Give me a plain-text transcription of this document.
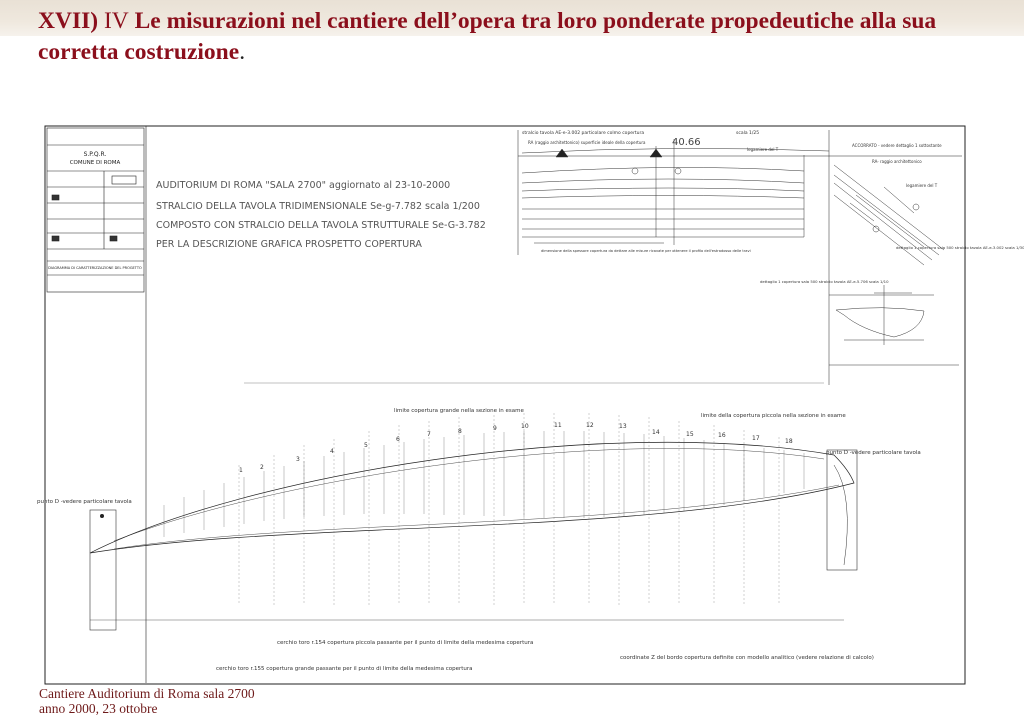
XVII) IV Le misurazioni nel cantiere dell’opera tra loro ponderate propedeutiche alla sua corretta costruzione.
S.P.Q.R.
COMUNE DI ROMA
DIAGRAMMA DI CARATTERIZZAZIONE DEL PROGETTO
AUDITORIUM DI ROMA "SALA 2700" aggiornato al 23-10-2000
STRALCIO DELLA TAVOLA TRIDIMENSIONALE Se-g-7.782 scala 1/200
COMPOSTO CON STRALCIO DELLA TAVOLA STRUTTURALE Se-G-3.782
PER LA DESCRIZIONE GRAFICA PROSPETTO COPERTURA
stralcio tavola AE-e-3.002 particolare colmo copertura
40.66
scala 1/25
RA (raggio architettonico) superficie ideale della copertura
legamiere del T
dimensione della spessore copertura da dettare alle misure ricavate per ottenere il profilo dell'estradosso delle travi
ACCORRATO - vedere dettaglio 1 sottostante
RA- raggio architettonico
legamiere del T
dettaglio 1 copertura sala 500 stralcio tavola AE-e-3.002 scala 1/30
dettaglio 1 copertura sala 500 stralcio tavola AE-e-5.706 scala 1/10
1	2
3
4
5
6
7	8	9	10	11	12	13
14	15	16	17	18
limite copertura grande nella sezione in esame
limite della copertura piccola nella sezione in esame
punto D -vedere particolare tavola
punto D -vedere particolare tavola
cerchio toro r.154 copertura piccola passante per il punto di limite della medesima copertura
cerchio toro r.155 copertura grande passante per il punto di limite della medesima copertura
coordinate Z del bordo copertura definite con modello analitico (vedere relazione di calcolo)
Cantiere Auditorium di Roma sala 2700
anno 2000, 23 ottobre
